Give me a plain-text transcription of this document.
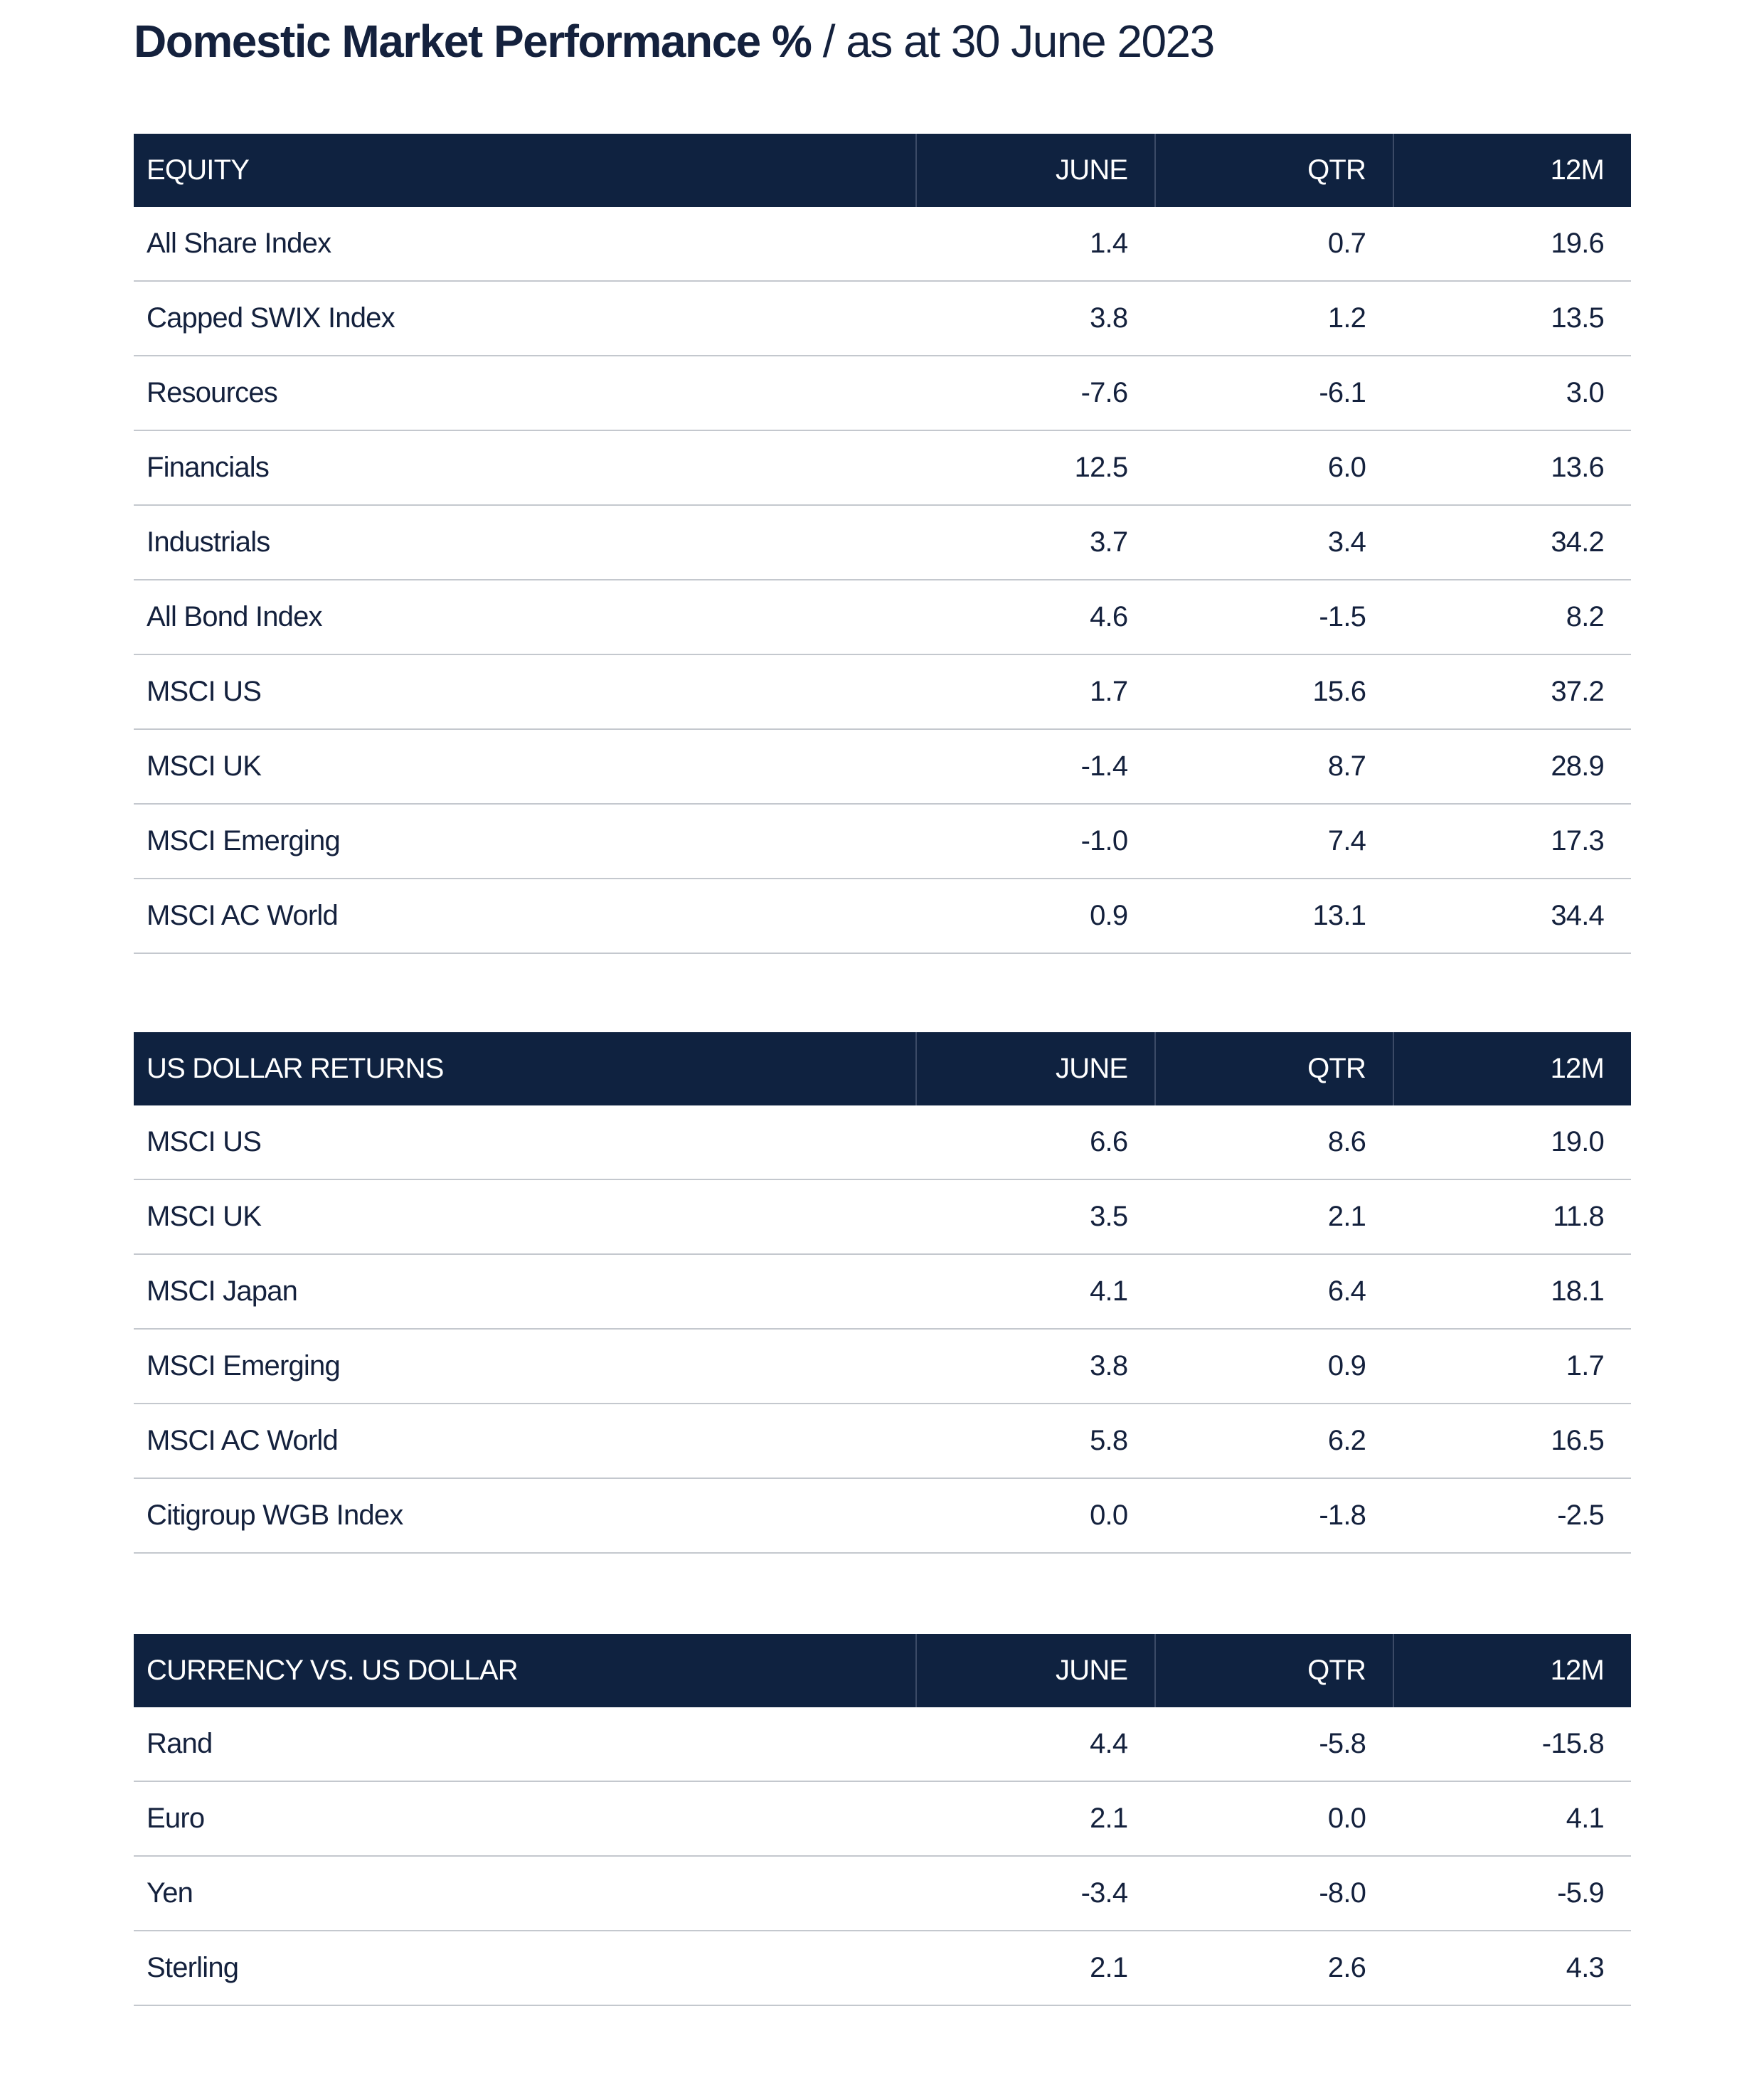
Domestic Market Performance % / as at 30 June 2023
EQUITY	JUNE	QTR	12M
All Share Index	1.4	0.7	19.6
Capped SWIX Index	3.8	1.2	13.5
Resources	-7.6	-6.1	3.0
Financials	12.5	6.0	13.6
Industrials	3.7	3.4	34.2
All Bond Index	4.6	-1.5	8.2
MSCI US	1.7	15.6	37.2
MSCI UK	-1.4	8.7	28.9
MSCI Emerging	-1.0	7.4	17.3
MSCI AC World	0.9	13.1	34.4
US DOLLAR RETURNS	JUNE	QTR	12M
MSCI US	6.6	8.6	19.0
MSCI UK	3.5	2.1	11.8
MSCI Japan	4.1	6.4	18.1
MSCI Emerging	3.8	0.9	1.7
MSCI AC World	5.8	6.2	16.5
Citigroup WGB Index	0.0	-1.8	-2.5
CURRENCY VS. US DOLLAR	JUNE	QTR	12M
Rand	4.4	-5.8	-15.8
Euro	2.1	0.0	4.1
Yen	-3.4	-8.0	-5.9
Sterling	2.1	2.6	4.3
